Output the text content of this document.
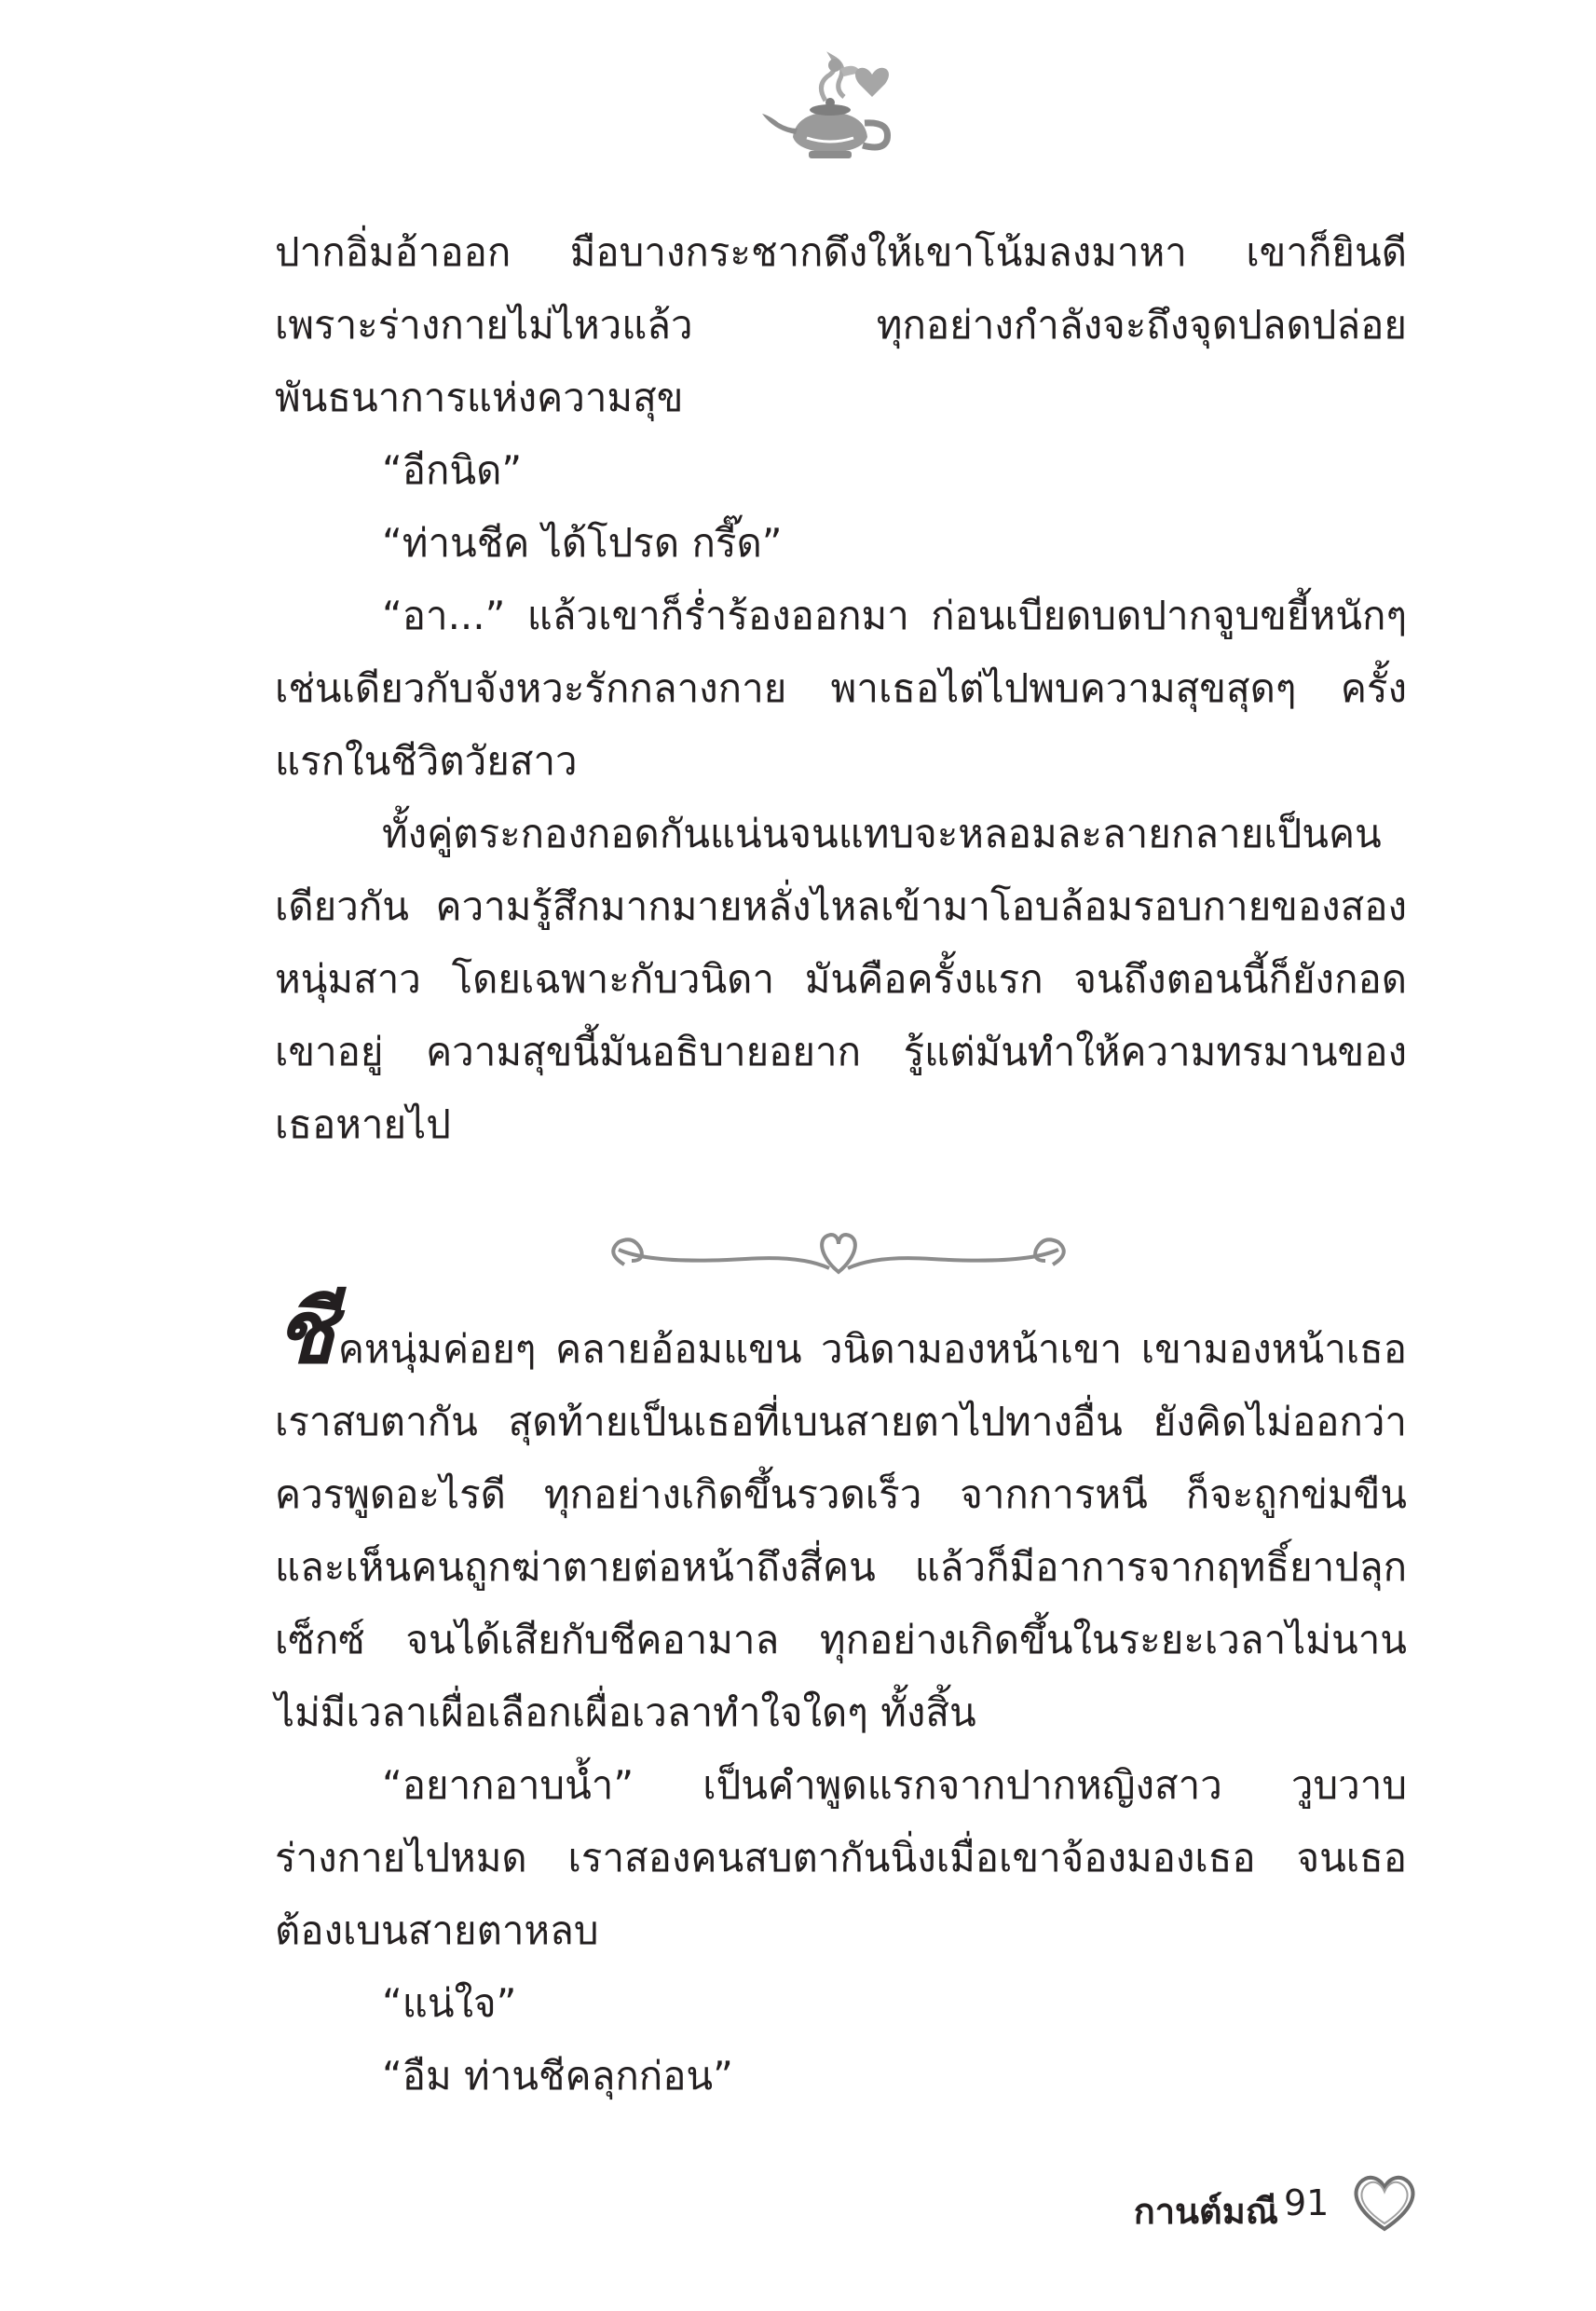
ปากอิ่มอ้าออก มือบางกระชากดึงให้เขาโน้มลงมาหา เขาก็ยินดี เพราะร่างกายไม่ไหวแล้ว ทุกอย่างกำลังจะถึงจุดปลดปล่อยพันธนาการแห่งความสุข

“อีกนิด”

“ท่านชีค ได้โปรด กรี๊ด”

“อา...” แล้วเขาก็ร่ำร้องออกมา ก่อนเบียดบดปากจูบขยี้หนักๆ เช่นเดียวกับจังหวะรักกลางกาย พาเธอไต่ไปพบความสุขสุดๆ ครั้งแรกในชีวิตวัยสาว

ทั้งคู่ตระกองกอดกันแน่นจนแทบจะหลอมละลายกลายเป็นคนเดียวกัน ความรู้สึกมากมายหลั่งไหลเข้ามาโอบล้อมรอบกายของสองหนุ่มสาว โดยเฉพาะกับวนิดา มันคือครั้งแรก จนถึงตอนนี้ก็ยังกอดเขาอยู่ ความสุขนี้มันอธิบายอยาก รู้แต่มันทำให้ความทรมานของเธอหายไป

ชีคหนุ่มค่อยๆ คลายอ้อมแขน วนิดามองหน้าเขา เขามองหน้าเธอ เราสบตากัน สุดท้ายเป็นเธอที่เบนสายตาไปทางอื่น ยังคิดไม่ออกว่าควรพูดอะไรดี ทุกอย่างเกิดขึ้นรวดเร็ว จากการหนี ก็จะถูกข่มขืน และเห็นคนถูกฆ่าตายต่อหน้าถึงสี่คน แล้วก็มีอาการจากฤทธิ์ยาปลุกเซ็กซ์ จนได้เสียกับชีคอามาล ทุกอย่างเกิดขึ้นในระยะเวลาไม่นาน ไม่มีเวลาเผื่อเลือกเผื่อเวลาทำใจใดๆ ทั้งสิ้น

“อยากอาบน้ำ” เป็นคำพูดแรกจากปากหญิงสาว วูบวาบร่างกายไปหมด เราสองคนสบตากันนิ่งเมื่อเขาจ้องมองเธอ จนเธอต้องเบนสายตาหลบ

“แน่ใจ”

“อืม ท่านชีคลุกก่อน”

กานต์มณี 91
